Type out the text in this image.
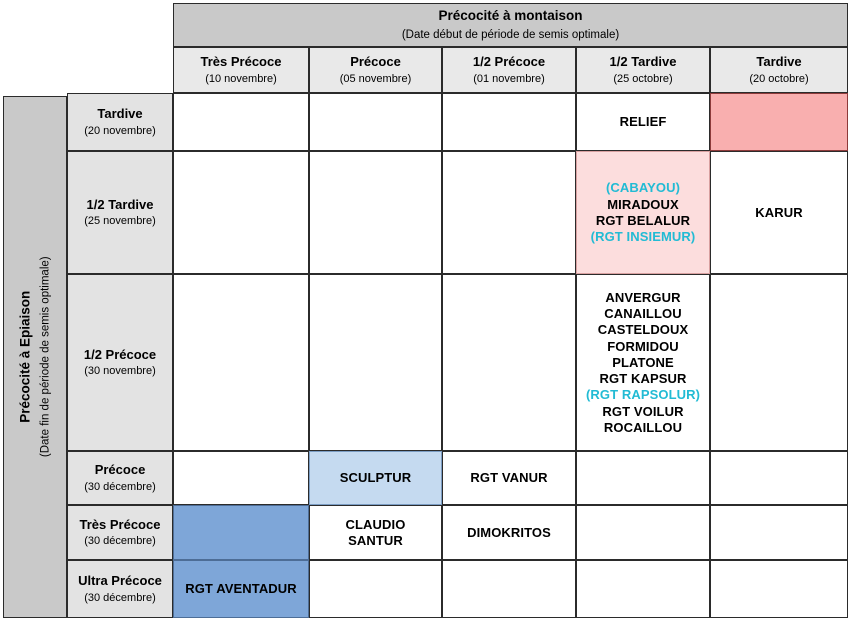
Précocité à montaison
(Date début de période de semis optimale)
Très Précoce
(10 novembre)
Précoce
(05 novembre)
1/2 Précoce
(01 novembre)
1/2 Tardive
(25 octobre)
Tardive
(20 octobre)
Précocité à Epiaison (Date fin de période de semis optimale)
Tardive
(20 novembre)
1/2 Tardive
(25 novembre)
1/2 Précoce
(30 novembre)
Précoce
(30 décembre)
Très Précoce
(30 décembre)
Ultra Précoce
(30 décembre)
RELIEF
(CABAYOU)
MIRADOUX
RGT BELALUR
(RGT INSIEMUR)
KARUR
ANVERGUR
CANAILLOU
CASTELDOUX
FORMIDOU
PLATONE
RGT KAPSUR
(RGT RAPSOLUR)
RGT VOILUR
ROCAILLOU
SCULPTUR	RGT VANUR
CLAUDIO
SANTUR
DIMOKRITOS
RGT AVENTADUR
